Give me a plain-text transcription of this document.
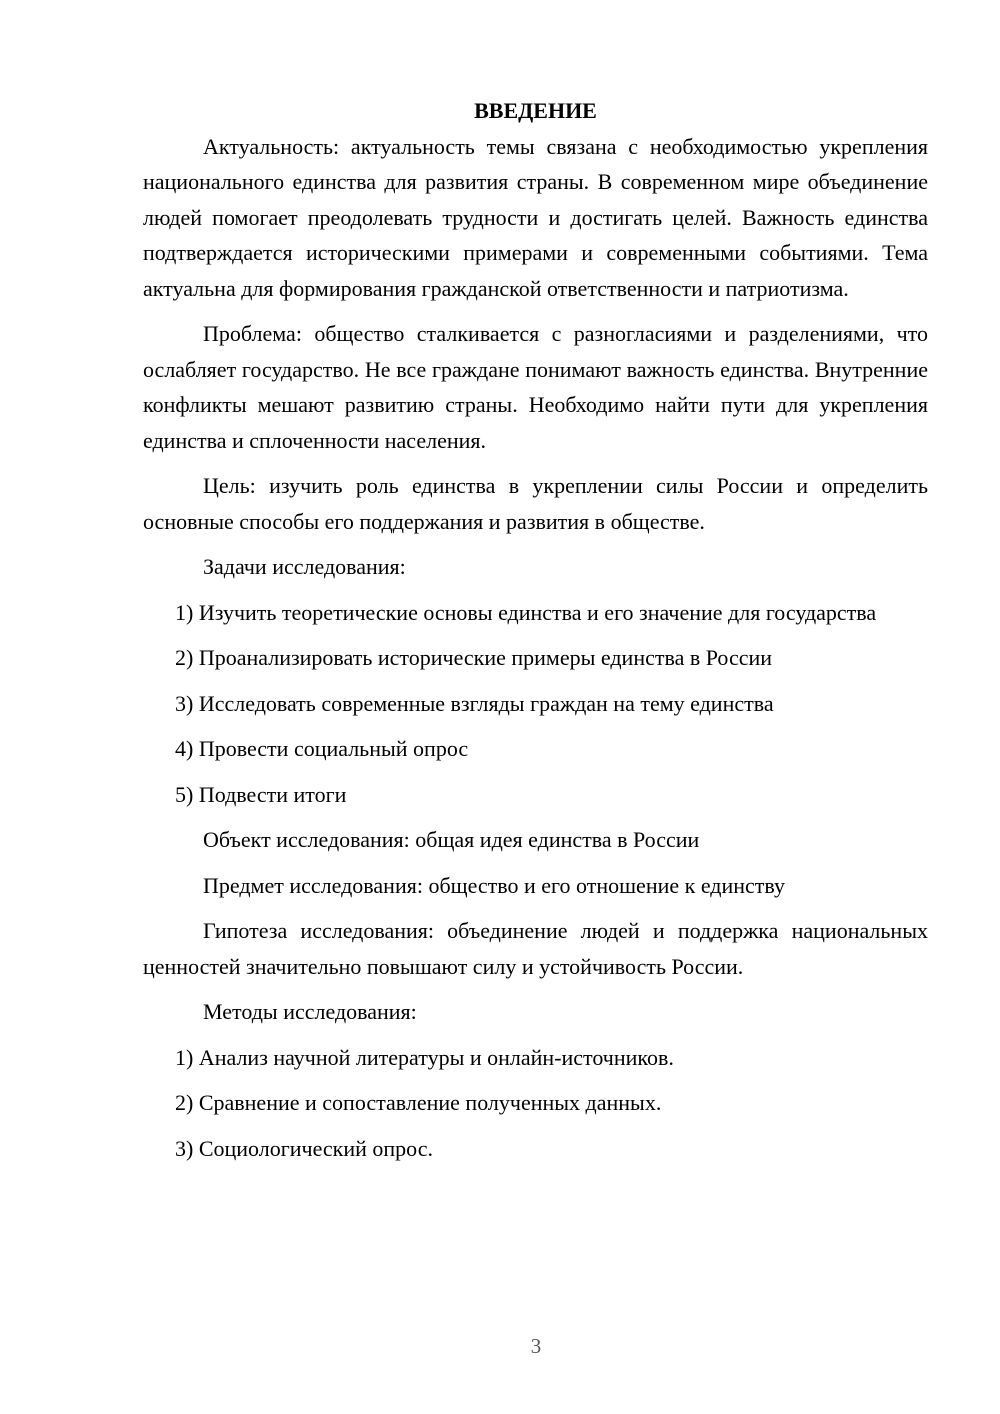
ВВЕДЕНИЕ

Актуальность: актуальность темы связана с необходимостью укрепления национального единства для развития страны. В современном мире объединение людей помогает преодолевать трудности и достигать целей. Важность единства подтверждается историческими примерами и современными событиями. Тема актуальна для формирования гражданской ответственности и патриотизма.

Проблема: общество сталкивается с разногласиями и разделениями, что ослабляет государство. Не все граждане понимают важность единства. Внутренние конфликты мешают развитию страны. Необходимо найти пути для укрепления единства и сплоченности населения.

Цель: изучить роль единства в укреплении силы России и определить основные способы его поддержания и развития в обществе.

Задачи исследования:

1) Изучить теоретические основы единства и его значение для государства

2) Проанализировать исторические примеры единства в России

3) Исследовать современные взгляды граждан на тему единства

4) Провести социальный опрос

5) Подвести итоги

Объект исследования: общая идея единства в России

Предмет исследования: общество и его отношение к единству

Гипотеза исследования: объединение людей и поддержка национальных ценностей значительно повышают силу и устойчивость России.

Методы исследования:

1) Анализ научной литературы и онлайн-источников.

2) Сравнение и сопоставление полученных данных.

3) Социологический опрос.

3
